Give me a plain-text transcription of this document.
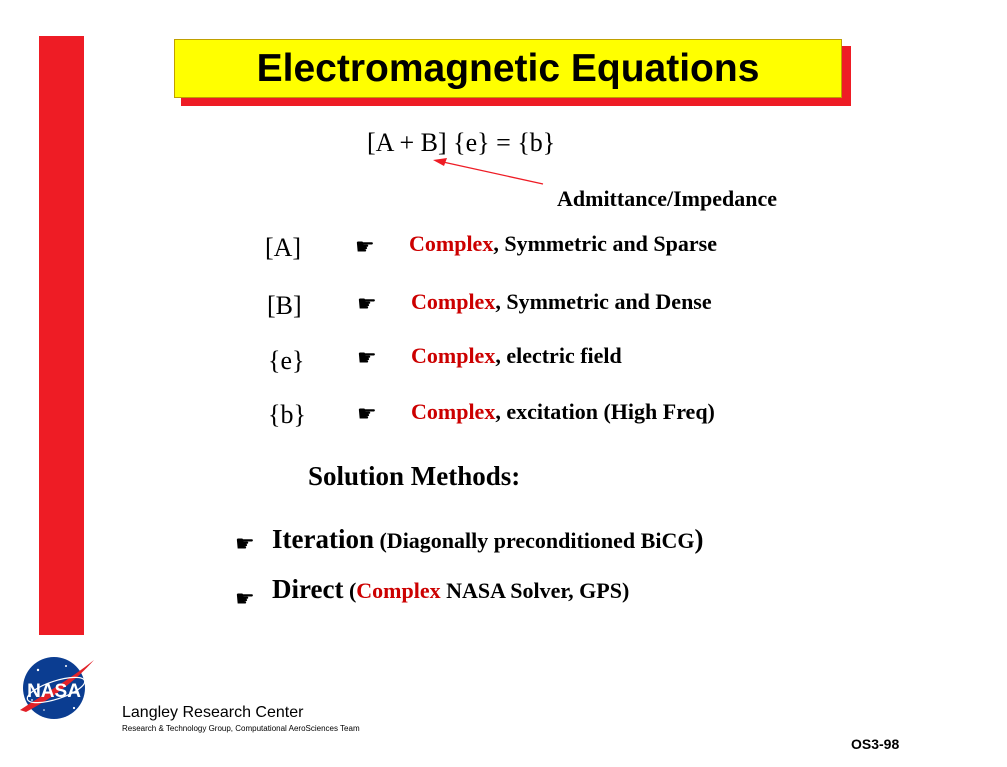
Electromagnetic Equations
[A + B] {e} = {b}
Admittance/Impedance
[A] ☛ Complex, Symmetric and Sparse
[B]	☛ Complex, Symmetric and Dense
{e} ☛ Complex, electric field
{b} ☛ Complex, excitation (High Freq)
Solution Methods:
☛ Iteration (Diagonally preconditioned BiCG)
☛ Direct (Complex NASA Solver, GPS)
NASA
Langley Research Center
Research & Technology Group, Computational AeroSciences Team
OS3-98
